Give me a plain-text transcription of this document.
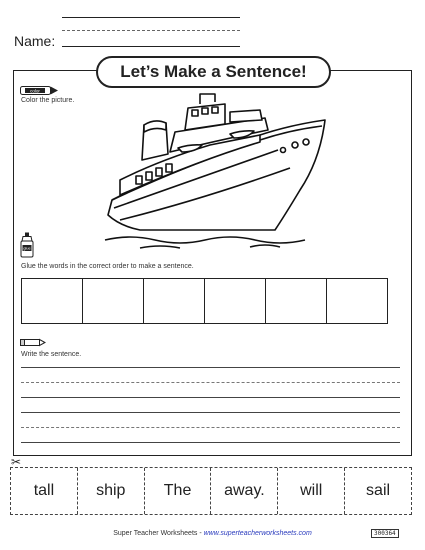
Name:
Let’s Make a Sentence!
color
Color the picture.
glue
Glue the words in the correct order to make a sentence.
Write the sentence.
✂
tall	ship	The	away.	will	sail
Super Teacher Worksheets - www.superteacherworksheets.com	300364
